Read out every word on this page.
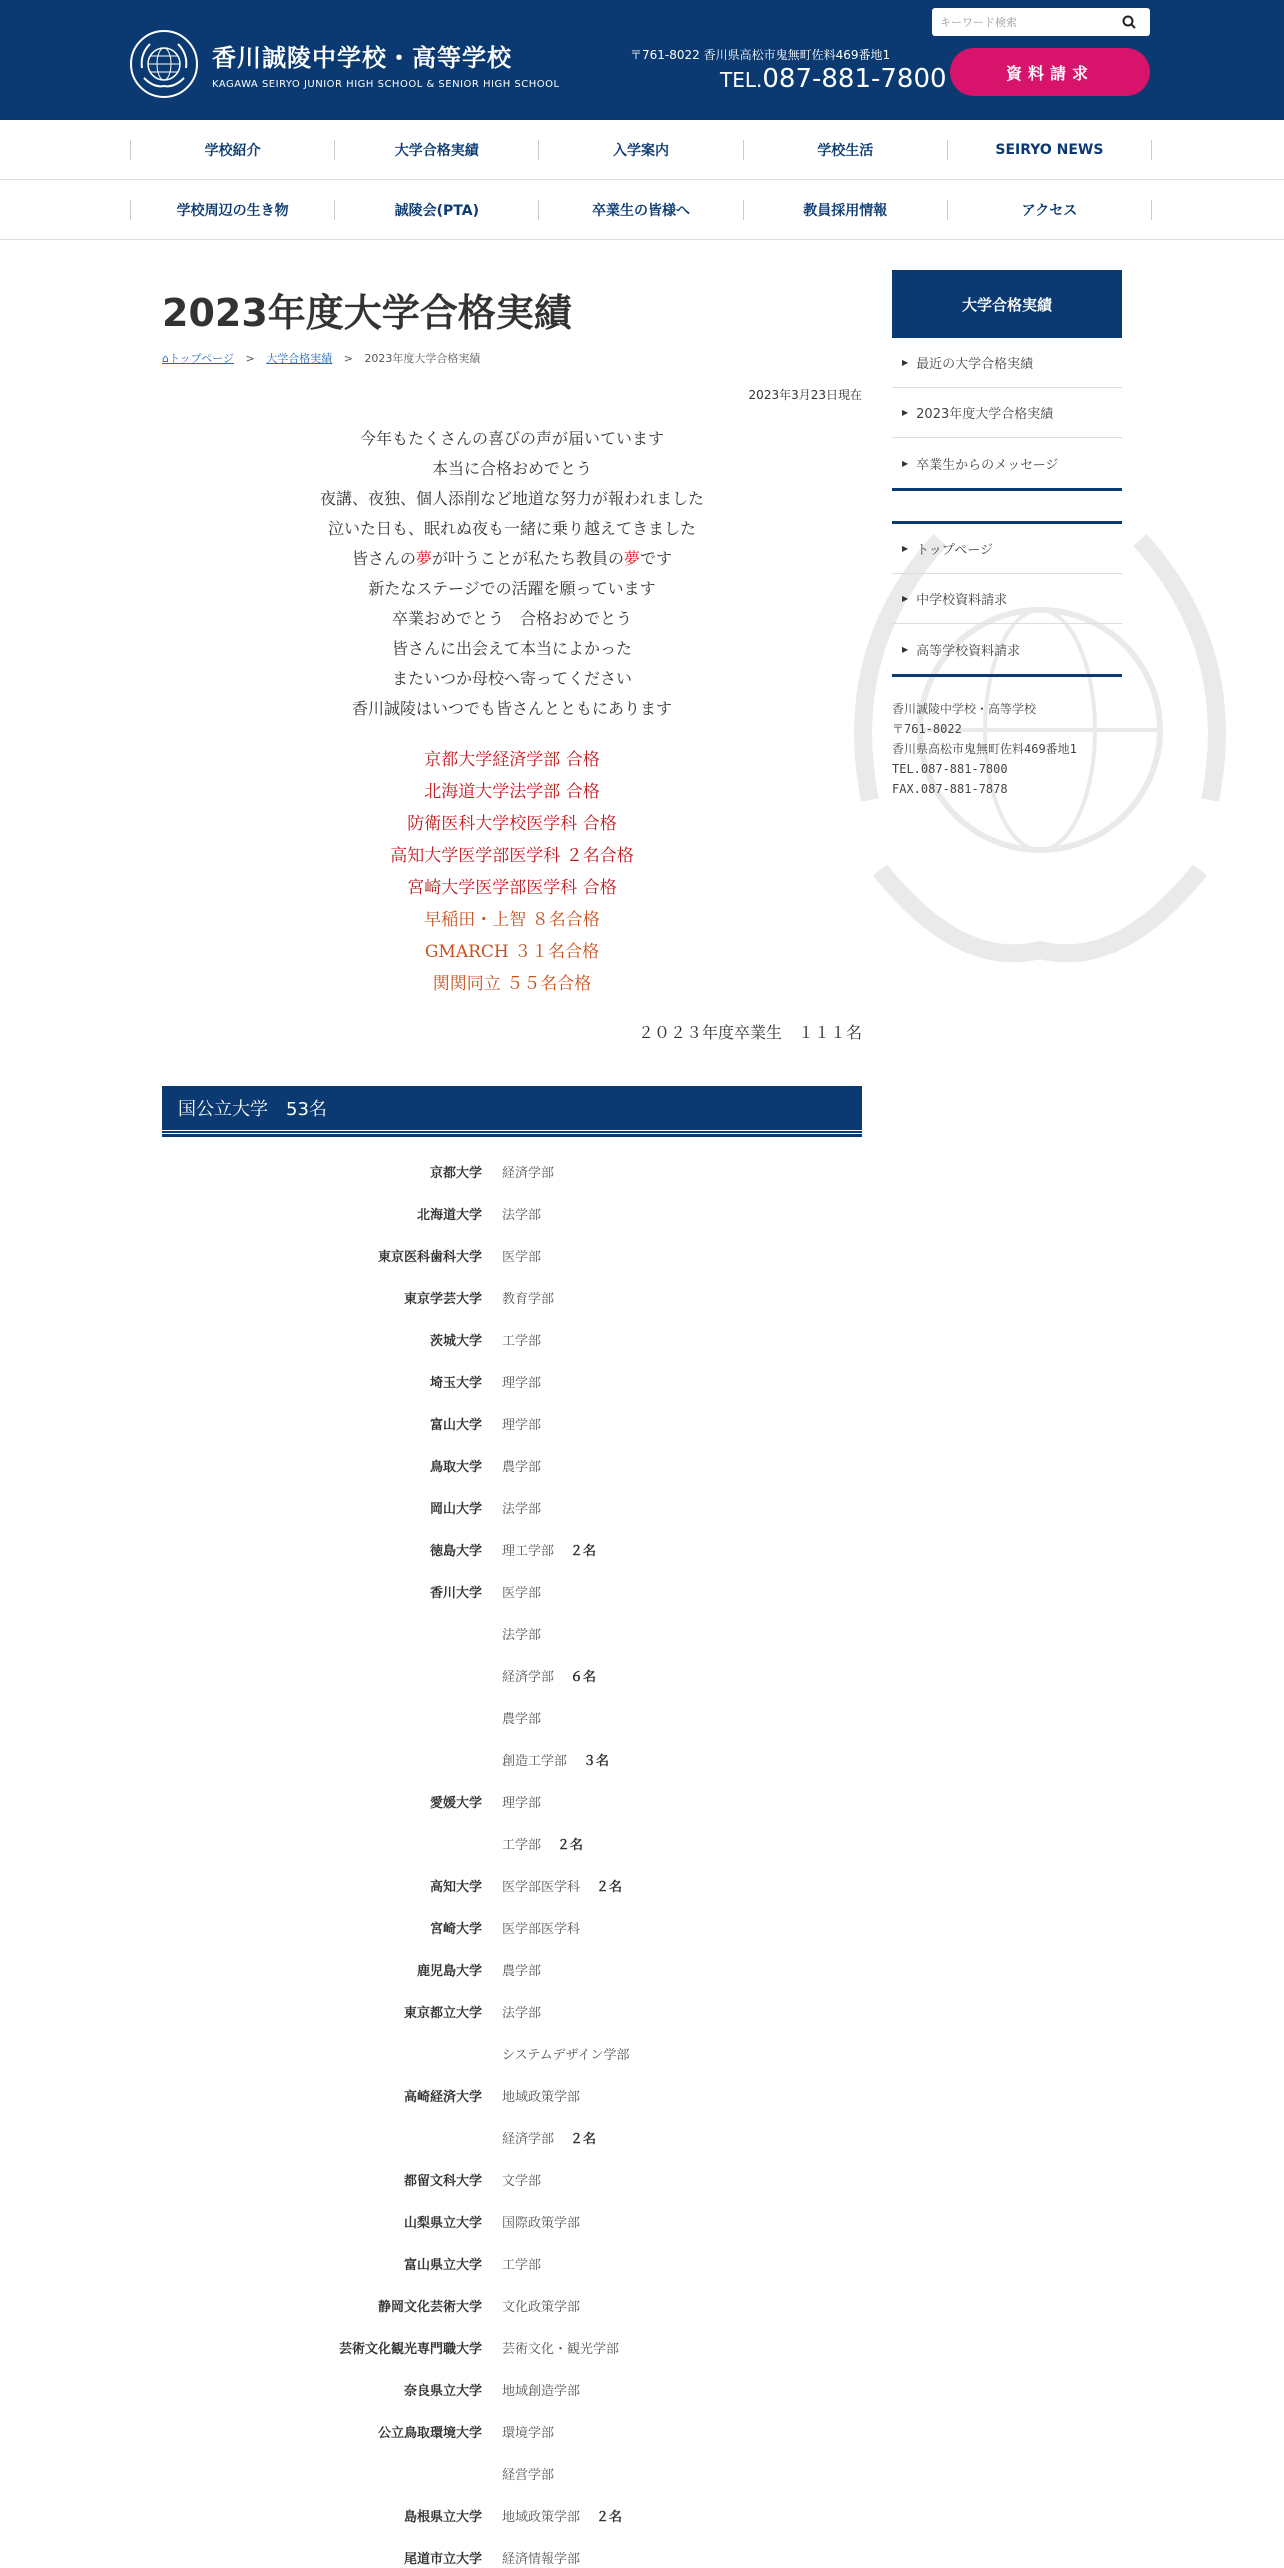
香川誠陵中学校・高等学校
KAGAWA SEIRYO JUNIOR HIGH SCHOOL & SENIOR HIGH SCHOOL
キーワード検索
〒761-8022 香川県高松市鬼無町佐料469番地1
TEL.087-881-7800	資料請求
学校紹介	大学合格実績	入学案内	学校生活	SEIRYO NEWS
学校周辺の生き物	誠陵会(PTA)	卒業生の皆様へ	教員採用情報	アクセス
2023年度大学合格実績
⌂トップページ > 大学合格実績 > 2023年度大学合格実績
2023年3月23日現在
今年もたくさんの喜びの声が届いています
本当に合格おめでとう
夜講、夜独、個人添削など地道な努力が報われました
泣いた日も、眠れぬ夜も一緒に乗り越えてきました
皆さんの夢が叶うことが私たち教員の夢です
新たなステージでの活躍を願っています
卒業おめでとう　合格おめでとう
皆さんに出会えて本当によかった
またいつか母校へ寄ってください
香川誠陵はいつでも皆さんとともにあります
京都大学経済学部 合格
北海道大学法学部 合格
防衛医科大学校医学科 合格
高知大学医学部医学科 ２名合格
宮崎大学医学部医学科 合格
早稲田・上智 ８名合格
GMARCH ３１名合格
関関同立 ５５名合格
２０２３年度卒業生　１１１名
国公立大学　53名
京都大学	経済学部
北海道大学	法学部
東京医科歯科大学	医学部
東京学芸大学	教育学部
茨城大学	工学部
埼玉大学	理学部
富山大学	理学部
鳥取大学	農学部
岡山大学	法学部
徳島大学	理工学部 ２名
香川大学	医学部
法学部
経済学部 ６名
農学部
創造工学部 ３名
愛媛大学	理学部
工学部 ２名
高知大学	医学部医学科 ２名
宮崎大学	医学部医学科
鹿児島大学	農学部
東京都立大学	法学部
システムデザイン学部
高崎経済大学	地域政策学部
経済学部 ２名
都留文科大学	文学部
山梨県立大学	国際政策学部
富山県立大学	工学部
静岡文化芸術大学	文化政策学部
芸術文化観光専門職大学	芸術文化・観光学部
奈良県立大学	地域創造学部
公立鳥取環境大学	環境学部
経営学部
島根県立大学	地域政策学部 ２名
尾道市立大学	経済情報学部
大学合格実績
▶ 最近の大学合格実績
▶ 2023年度大学合格実績
▶ 卒業生からのメッセージ
▶ トップページ
▶ 中学校資料請求
▶ 高等学校資料請求
香川誠陵中学校・高等学校
〒761-8022
香川県高松市鬼無町佐料469番地1
TEL.087-881-7800
FAX.087-881-7878
